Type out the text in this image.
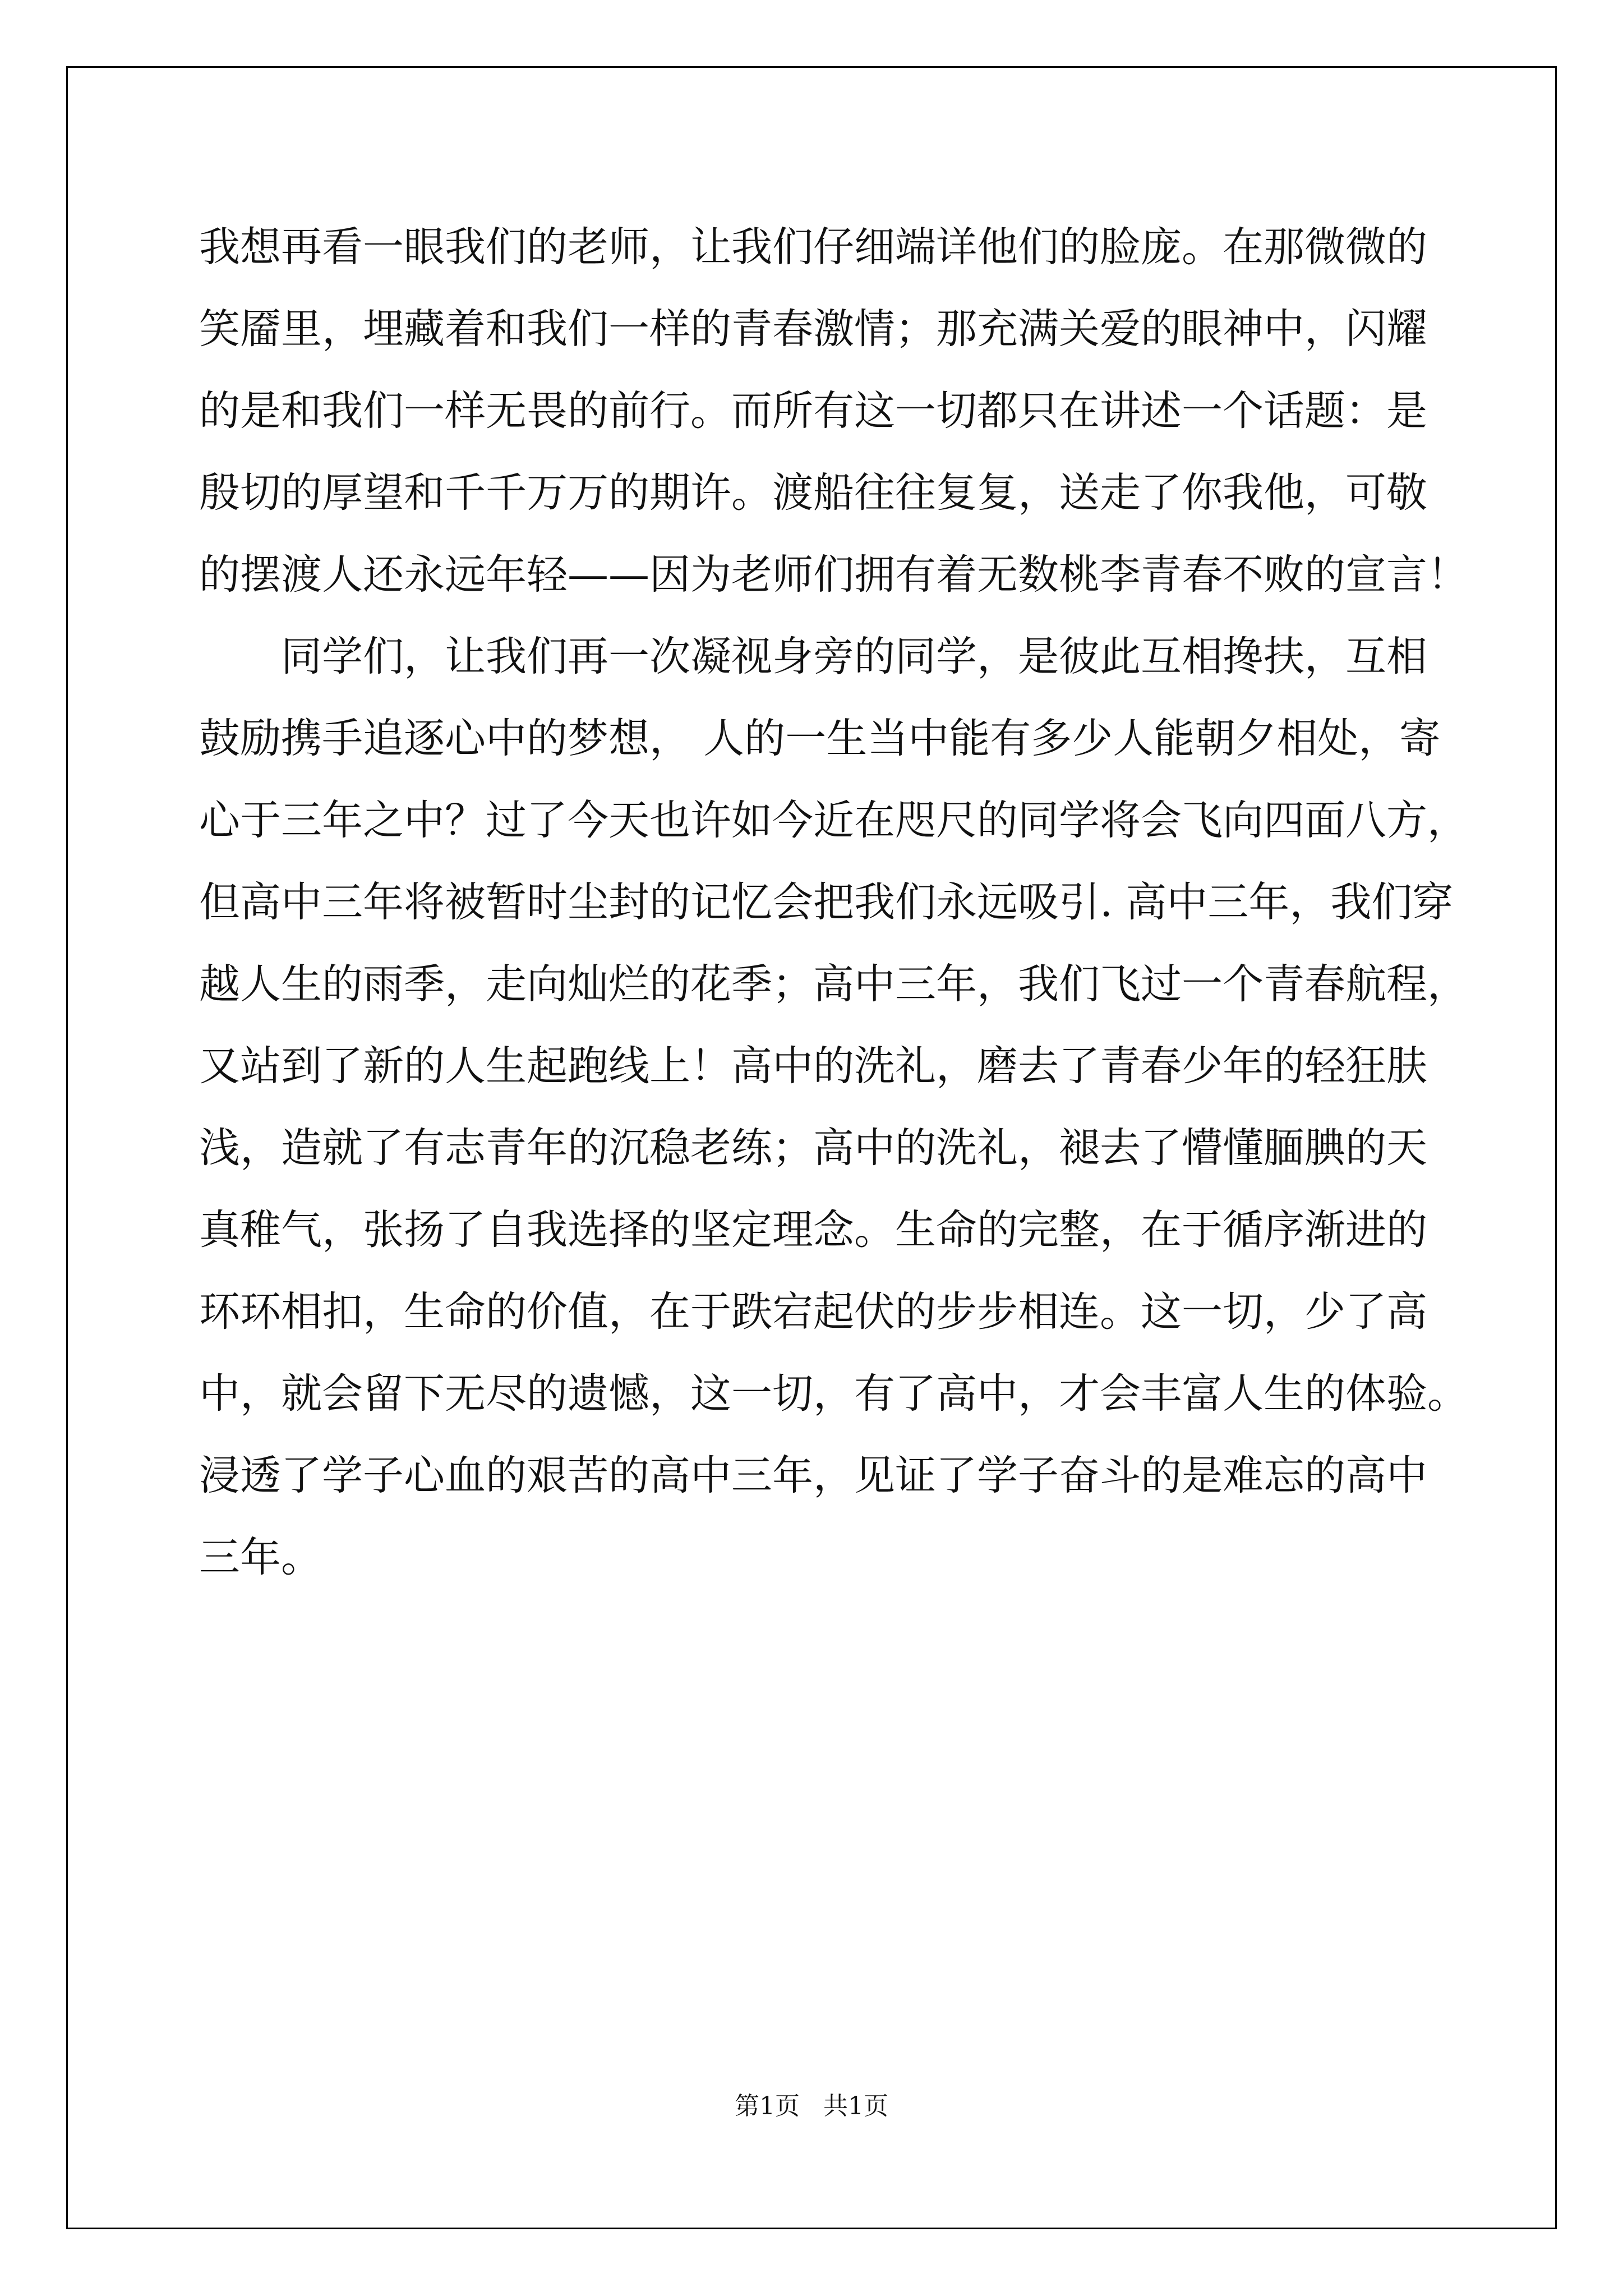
我想再看一眼我们的老师，让我们仔细端详他们的脸庞。在那微微的
笑靥里，埋藏着和我们一样的青春激情；那充满关爱的眼神中，闪耀
的是和我们一样无畏的前行。而所有这一切都只在讲述一个话题：是
殷切的厚望和千千万万的期许。渡船往往复复，送走了你我他，可敬
的摆渡人还永远年轻——因为老师们拥有着无数桃李青春不败的宣言！
　　同学们，让我们再一次凝视身旁的同学，是彼此互相搀扶，互相
鼓励携手追逐心中的梦想， 人的一生当中能有多少人能朝夕相处，寄
心于三年之中？过了今天也许如今近在咫尺的同学将会飞向四面八方，
但高中三年将被暂时尘封的记忆会把我们永远吸引. 高中三年，我们穿
越人生的雨季，走向灿烂的花季；高中三年，我们飞过一个青春航程，
又站到了新的人生起跑线上！高中的洗礼，磨去了青春少年的轻狂肤
浅，造就了有志青年的沉稳老练；高中的洗礼，褪去了懵懂腼腆的天
真稚气，张扬了自我选择的坚定理念。生命的完整，在于循序渐进的
环环相扣，生命的价值，在于跌宕起伏的步步相连。这一切，少了高
中，就会留下无尽的遗憾，这一切，有了高中，才会丰富人生的体验。
浸透了学子心血的艰苦的高中三年，见证了学子奋斗的是难忘的高中
三年。
第1页   共1页
